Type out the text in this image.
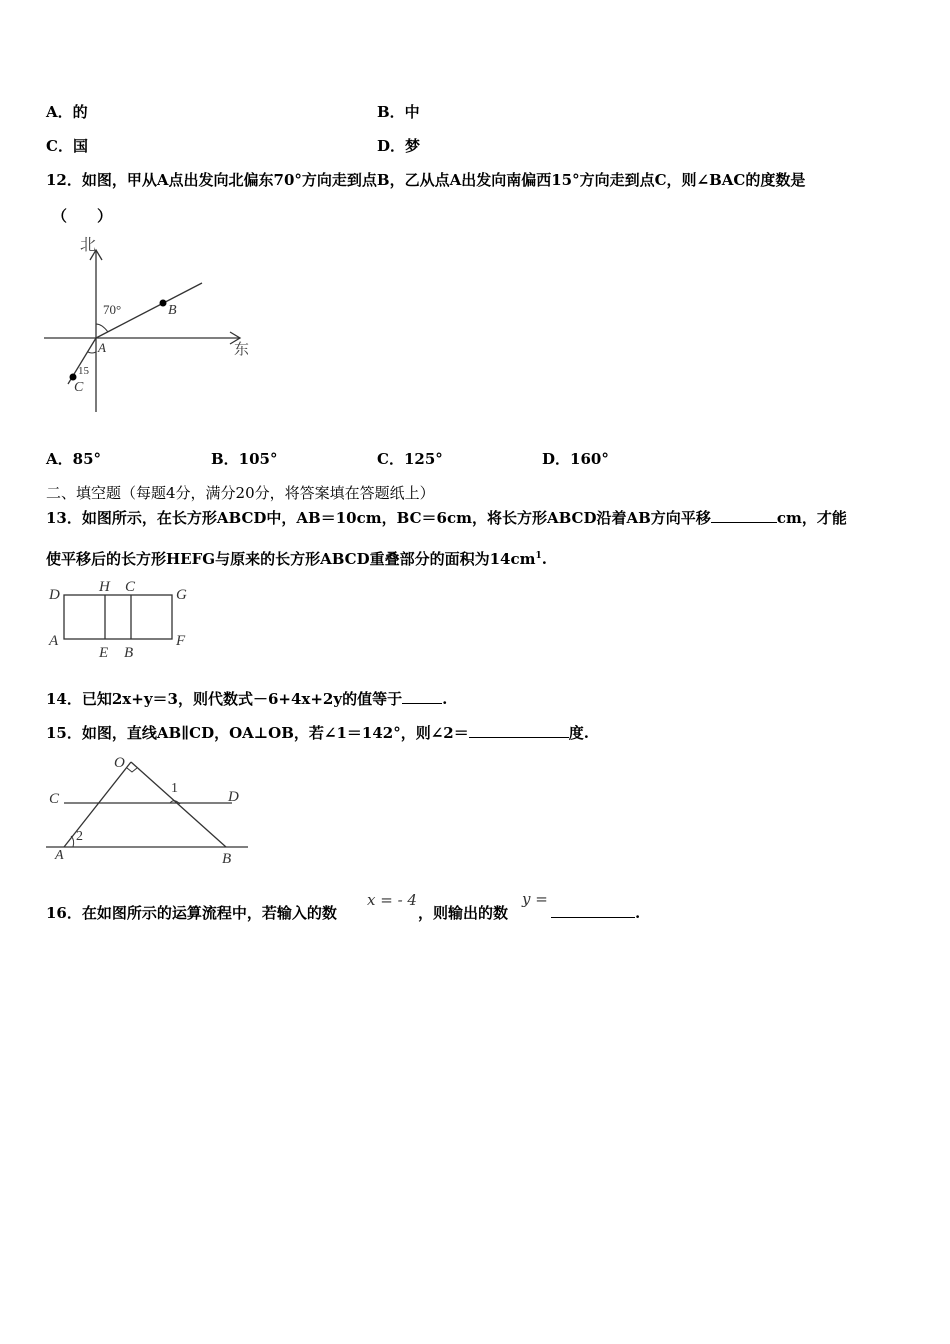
A．的	B．中
C．国	D．梦
12．如图，甲从A点出发向北偏东70°方向走到点B，乙从点A出发向南偏西15°方向走到点C，则∠BAC的度数是
（　　）
北
东
70°
15
A
B
C
A．85°	B．105°	C．125°	D．160°
二、填空题（每题4分，满分20分，将答案填在答题纸上）
13．如图所示，在长方形ABCD中，AB＝10cm，BC＝6cm，将长方形ABCD沿着AB方向平移	cm，才能
使平移后的长方形HEFG与原来的长方形ABCD重叠部分的面积为$14cm^1$.
D	H C	G
A
E B
F
14．已知2x+y＝3，则代数式－6+4x+2y的值等于	.
15．如图，直线AB∥CD，OA⊥OB，若∠1＝142°，则∠2＝	度.
O
C	D
A	B
1
2
16．在如图所示的运算流程中，若输入的数
x = - 4
，则输出的数
y =
.
